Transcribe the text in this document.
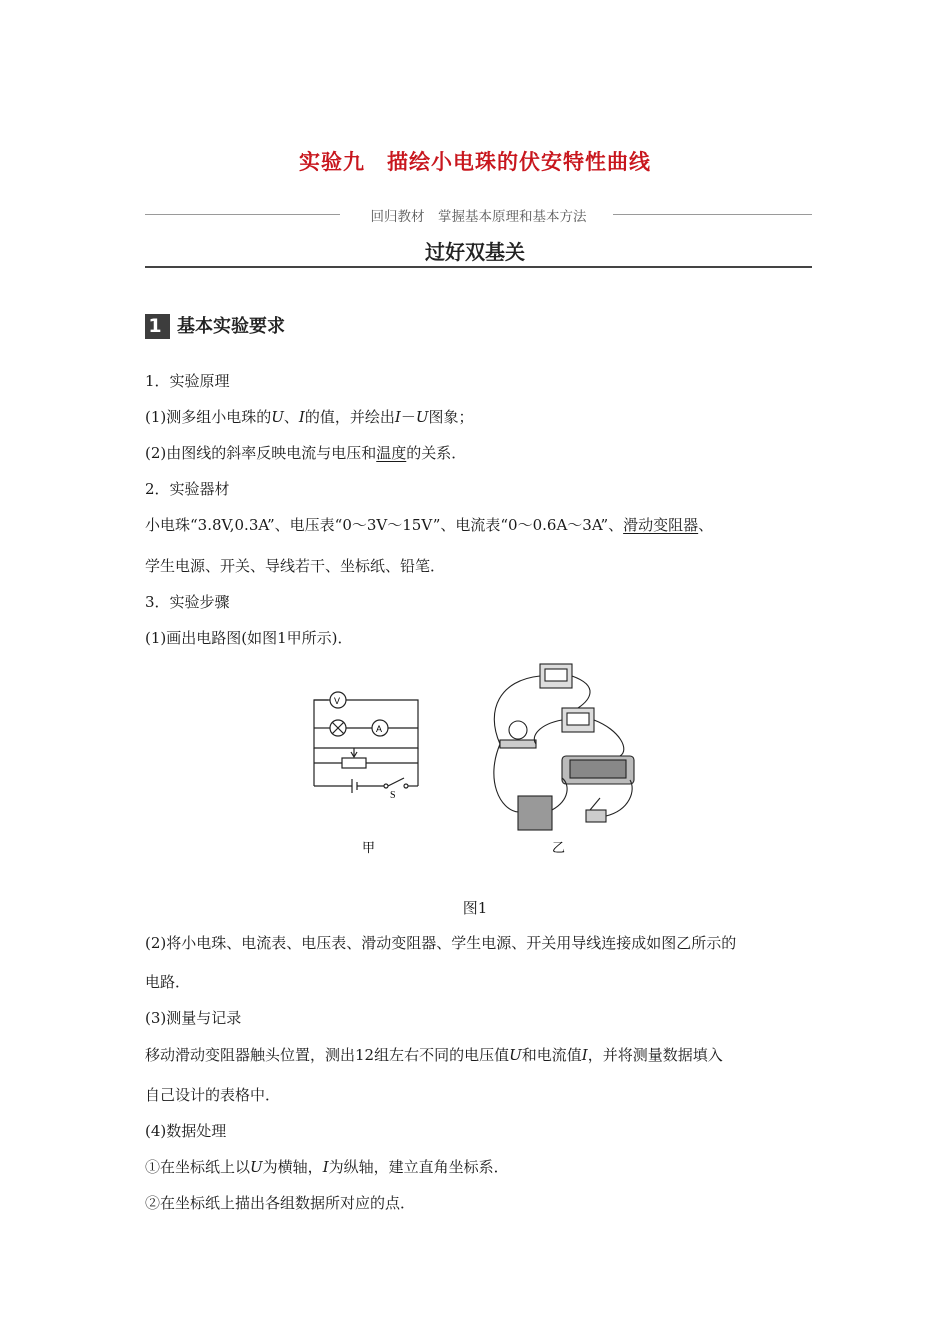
实验九　描绘小电珠的伏安特性曲线
回归教材　掌握基本原理和基本方法
过好双基关
1 基本实验要求
1．实验原理
(1)测多组小电珠的U、I的值，并绘出I－U图象；
(2)由图线的斜率反映电流与电压和温度的关系．
2．实验器材
小电珠“3.8V,0.3A”、电压表“0～3V～15V”、电流表“0～0.6A～3A”、滑动变阻器、
学生电源、开关、导线若干、坐标纸、铅笔．
3．实验步骤
(1)画出电路图(如图1甲所示)．
V
A
S
甲	乙
图1
(2)将小电珠、电流表、电压表、滑动变阻器、学生电源、开关用导线连接成如图乙所示的
电路．
(3)测量与记录
移动滑动变阻器触头位置，测出12组左右不同的电压值U和电流值I，并将测量数据填入
自己设计的表格中．
(4)数据处理
①在坐标纸上以U为横轴，I为纵轴，建立直角坐标系．
②在坐标纸上描出各组数据所对应的点．
